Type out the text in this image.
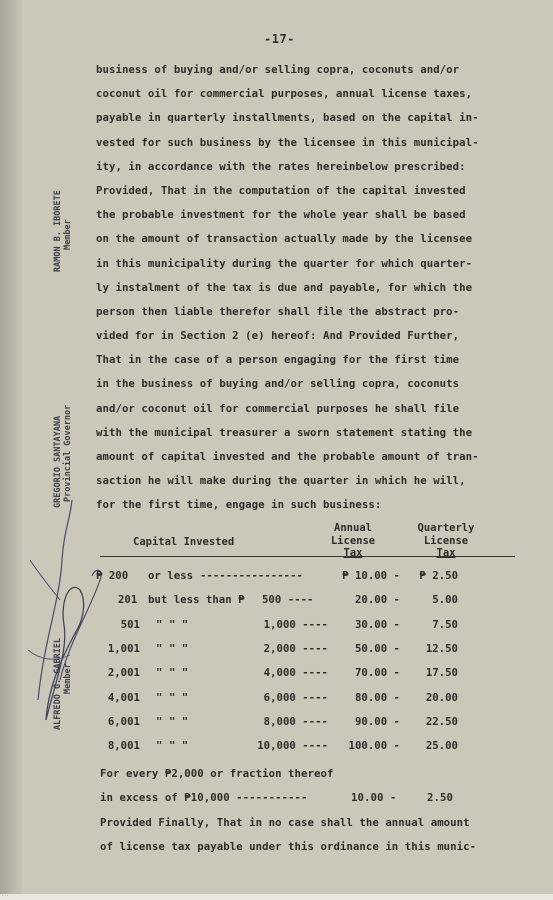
-17-
RAMON B. IBORETE Member
GREGORIO SANTAYANA Provincial Governor
ALFREDO G. GABRIEL Member
business of buying and/or selling copra, coconuts and/or
coconut oil for commercial purposes, annual license taxes,
payable in quarterly installments, based on the capital in-
vested for such business by the licensee in this municipal-
ity, in accordance with the rates hereinbelow prescribed:
Provided, That in the computation of the capital invested
the probable investment for the whole year shall be based
on the amount of transaction actually made by the licensee
in this municipality during the quarter for which quarter-
ly instalment of the tax is due and payable, for which the
person then liable therefor shall file the abstract pro-
vided for in Section 2 (e) hereof: And Provided Further,
That in the case of a person engaging for the first time
in the business of buying and/or selling copra, coconuts
and/or coconut oil for commercial purposes he shall file
with the municipal treasurer a sworn statement stating the
amount of capital invested and the probable amount of tran-
saction he will make during the quarter in which he will,
for the first time, engage in such business:
Capital Invested
Annual
License
Tax
Quarterly
License
Tax
₱ 200 or less ----------------	₱ 10.00 -	₱ 2.50
201 but less than ₱ 500 ----	20.00 -	5.00
501 " " "	1,000 ----	30.00 -	7.50
1,001 " " "	2,000 ----	50.00 -	12.50
2,001 " " "	4,000 ----	70.00 -	17.50
4,001 " " "	6,000 ----	80.00 -	20.00
6,001 " " "	8,000 ----	90.00 -	22.50
8,001 " " "	10,000 ----	100.00 -	25.00
For every ₱2,000 or fraction thereof
in excess of ₱10,000 -----------	10.00 -	2.50
Provided Finally, That in no case shall the annual amount
of license tax payable under this ordinance in this munic-
· · ·
